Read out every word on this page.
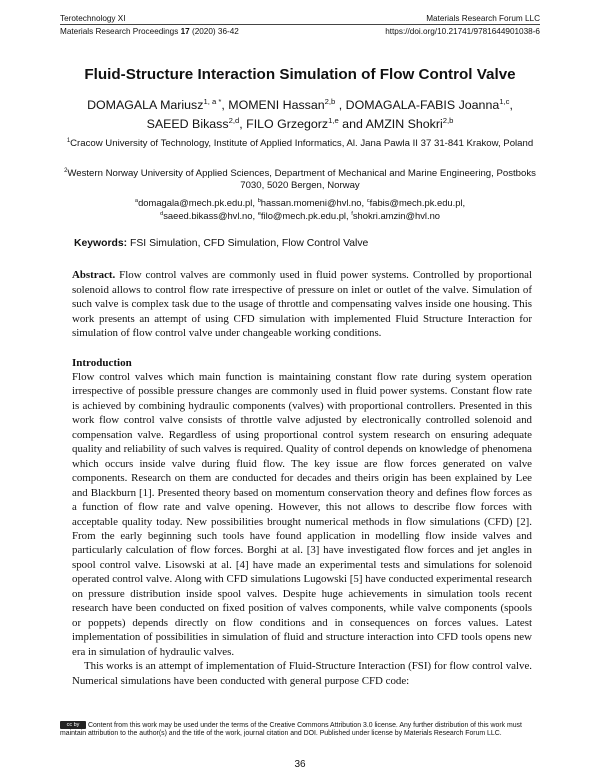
Terotechnology XI	Materials Research Forum LLC
Materials Research Proceedings 17 (2020) 36-42	https://doi.org/10.21741/9781644901038-6
Fluid-Structure Interaction Simulation of Flow Control Valve
DOMAGALA Mariusz$^{1, a *}$, MOMENI Hassan$^{2,b}$ , DOMAGALA-FABIS Joanna$^{1,c}$,
SAEED Bikass$^{2,d}$, FILO Grzegorz$^{1,e}$ and AMZIN Shokri$^{2,b}$
$^1$Cracow University of Technology, Institute of Applied Informatics, Al. Jana Pawla II 37 31-841 Krakow, Poland
$^2$Western Norway University of Applied Sciences, Department of Mechanical and Marine Engineering, Postboks 7030, 5020 Bergen, Norway
$^a$domagala@mech.pk.edu.pl, $^b$hassan.momeni@hvl.no, $^c$fabis@mech.pk.edu.pl,
$^d$saeed.bikass@hvl.no, $^e$filo@mech.pk.edu.pl, $^f$shokri.amzin@hvl.no
Keywords: FSI Simulation, CFD Simulation, Flow Control Valve
Abstract. Flow control valves are commonly used in fluid power systems. Controlled by proportional solenoid allows to control flow rate irrespective of pressure on inlet or outlet of the valve. Simulation of such valve is complex task due to the usage of throttle and compensating valves inside one housing. This work presents an attempt of using CFD simulation with implemented Fluid Structure Interaction for simulation of flow control valve under changeable working conditions.
Introduction

Flow control valves which main function is maintaining constant flow rate during system operation irrespective of possible pressure changes are commonly used in fluid power systems. Constant flow rate is achieved by combining hydraulic components (valves) with proportional controllers. Presented in this work flow control valve consists of throttle valve adjusted by electronically controlled solenoid and compensation valve. Regardless of using proportional control system research on ensuring adequate quality and reliability of such valves is required. Quality of control depends on knowledge of phenomena which occurs inside valve during fluid flow. The key issue are flow forces generated on valve components. Research on them are conducted for decades and theirs origin has been explained by Lee and Blackburn [1]. Presented theory based on momentum conservation theory and defines flow forces as a function of flow rate and valve opening. However, this not allows to describe flow forces with acceptable quality today. New possibilities brought numerical methods in flow simulations (CFD) [2]. From the early beginning such tools have found application in modelling flow inside valves and particularly calculation of flow forces. Borghi at al. [3] have investigated flow forces and jet angles in spool control valve. Lisowski at al. [4] have made an experimental tests and simulations for solenoid operated control valve. Along with CFD simulations Lugowski [5] have conducted experimental research on pressure distribution inside spool valves. Despite huge achievements in simulation tools recent research have been conducted on fixed position of valves components, while valve components (spools or poppets) depends directly on flow conditions and in consequences on forces values. Latest implementation of possibilities in simulation of fluid and structure interaction into CFD tools opens new era in simulation of hydraulic valves.

This works is an attempt of implementation of Fluid-Structure Interaction (FSI) for flow control valve. Numerical simulations have been conducted with general purpose CFD code:

cc by Content from this work may be used under the terms of the Creative Commons Attribution 3.0 license. Any further distribution of this work must maintain attribution to the author(s) and the title of the work, journal citation and DOI. Published under license by Materials Research Forum LLC.
36
